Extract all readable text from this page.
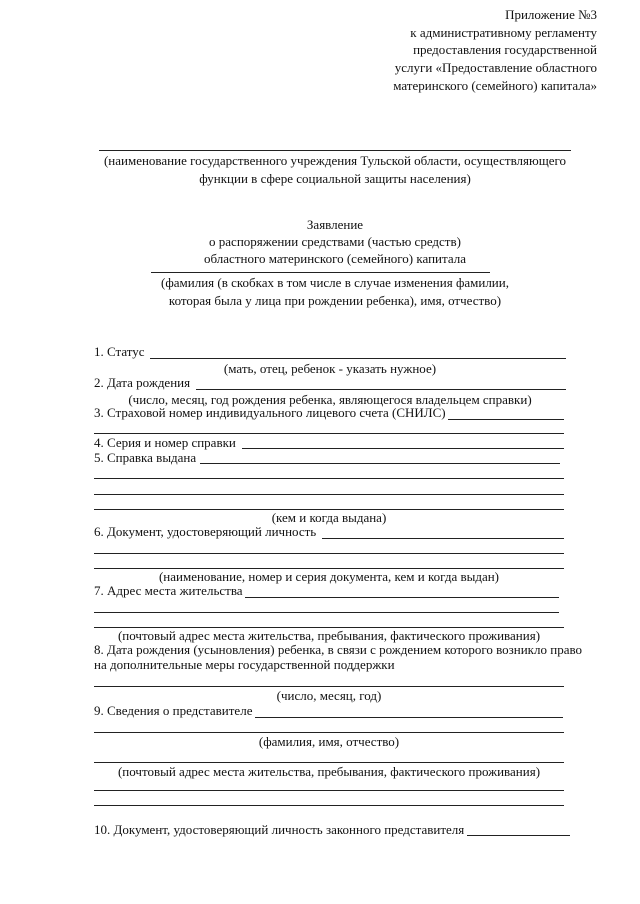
Приложение №3
к административному регламенту
предоставления государственной
услуги «Предоставление областного
материнского (семейного) капитала»
(наименование государственного учреждения Тульской области, осуществляющего
функции в сфере социальной защиты населения)
Заявление
о распоряжении средствами (частью средств)
областного материнского (семейного) капитала
(фамилия (в скобках в том числе в случае изменения фамилии,
которая была у лица при рождении ребенка), имя, отчество)
1. Статус
(мать, отец, ребенок - указать нужное)
2. Дата рождения
(число, месяц, год рождения ребенка, являющегося владельцем справки)
3. Страховой номер индивидуального лицевого счета (СНИЛС)
4. Серия и номер справки
5. Справка выдана
(кем и когда выдана)
6. Документ, удостоверяющий личность
(наименование, номер и серия документа, кем и когда выдан)
7. Адрес места жительства
(почтовый адрес места жительства, пребывания, фактического проживания)
8. Дата рождения (усыновления) ребенка, в связи с рождением которого возникло право
на дополнительные меры государственной поддержки
(число, месяц, год)
9. Сведения о представителе
(фамилия, имя, отчество)
(почтовый адрес места жительства, пребывания, фактического проживания)
10. Документ, удостоверяющий личность законного представителя
